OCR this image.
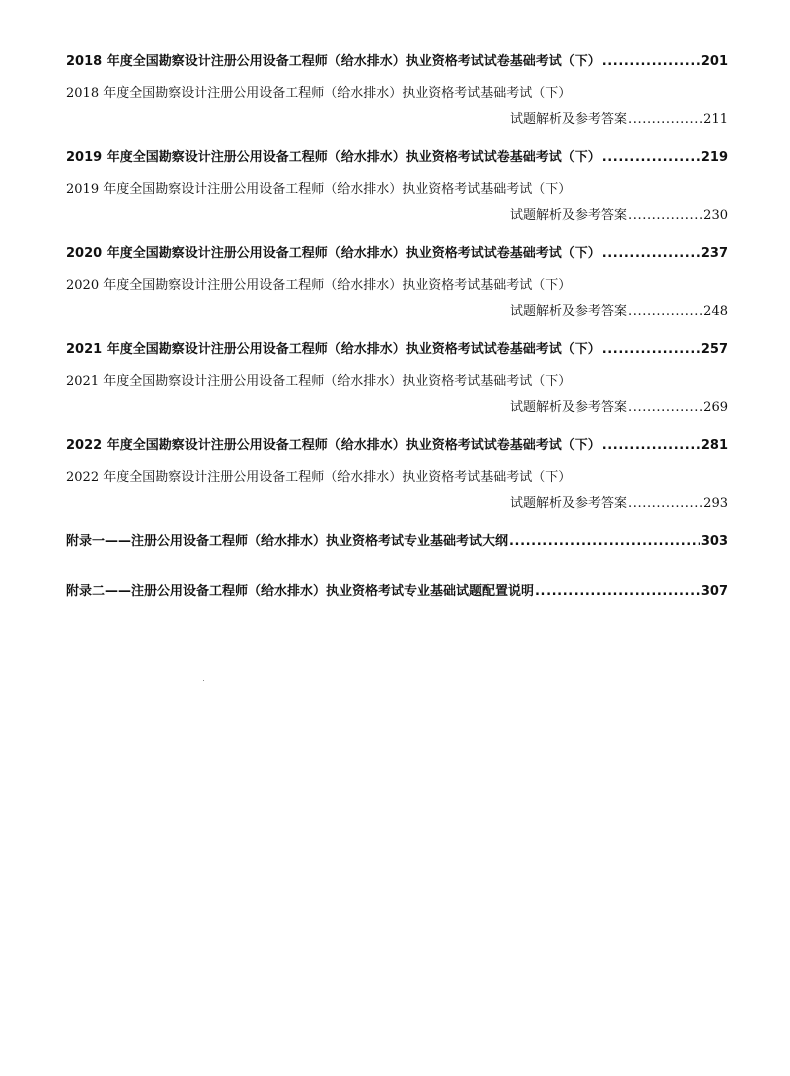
2018 年度全国勘察设计注册公用设备工程师（给水排水）执业资格考试试卷基础考试（下） .....	201
2018 年度全国勘察设计注册公用设备工程师（给水排水）执业资格考试基础考试（下）
试题解析及参考答案 .....	211
2019 年度全国勘察设计注册公用设备工程师（给水排水）执业资格考试试卷基础考试（下） .....	219
2019 年度全国勘察设计注册公用设备工程师（给水排水）执业资格考试基础考试（下）
试题解析及参考答案 .....	230
2020 年度全国勘察设计注册公用设备工程师（给水排水）执业资格考试试卷基础考试（下） .....	237
2020 年度全国勘察设计注册公用设备工程师（给水排水）执业资格考试基础考试（下）
试题解析及参考答案 .....	248
2021 年度全国勘察设计注册公用设备工程师（给水排水）执业资格考试试卷基础考试（下） .....	257
2021 年度全国勘察设计注册公用设备工程师（给水排水）执业资格考试基础考试（下）
试题解析及参考答案 .....	269
2022 年度全国勘察设计注册公用设备工程师（给水排水）执业资格考试试卷基础考试（下） .....	281
2022 年度全国勘察设计注册公用设备工程师（给水排水）执业资格考试基础考试（下）
试题解析及参考答案 .....	293
附录一——注册公用设备工程师（给水排水）执业资格考试专业基础考试大纲 .....	303
附录二——注册公用设备工程师（给水排水）执业资格考试专业基础试题配置说明 .....	307
